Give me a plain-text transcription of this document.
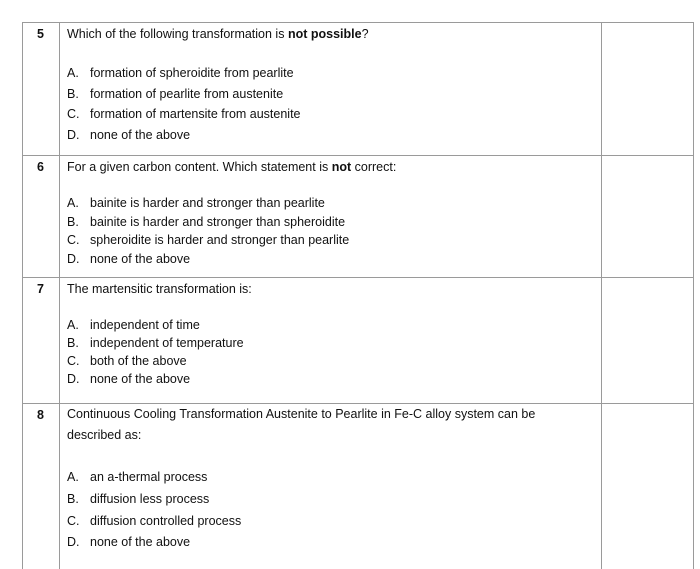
5	Which of the following transformation is not possible?
A. formation of spheroidite from pearlite
B. formation of pearlite from austenite
C. formation of martensite from austenite
D. none of the above
6	For a given carbon content. Which statement is not correct:
A. bainite is harder and stronger than pearlite
B. bainite is harder and stronger than spheroidite
C. spheroidite is harder and stronger than pearlite
D. none of the above
7	The martensitic transformation is:
A. independent of time
B. independent of temperature
C. both of the above
D. none of the above
8	Continuous Cooling Transformation Austenite to Pearlite in Fe-C alloy system can be described as:
A. an a-thermal process
B. diffusion less process
C. diffusion controlled process
D. none of the above
